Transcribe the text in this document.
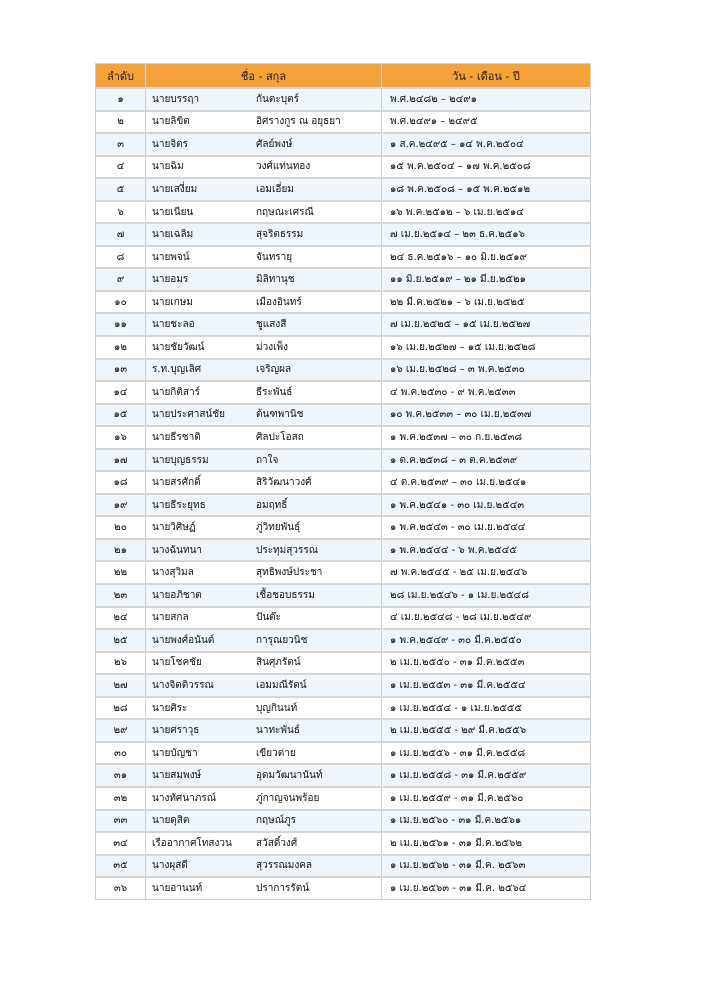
ลำดับ	ชื่อ - สกุล	วัน - เดือน - ปี
๑	นายบรรฤา กันตะบุตร์	พ.ศ.๒๔๘๒ – ๒๔๙๑
๒	นายลิขิต อิศรางกูร ณ อยุธยา	พ.ศ.๒๔๙๑ – ๒๔๙๕
๓	นายจิตร ศัลย์พงษ์	๑ ส.ค.๒๔๙๕ – ๑๔ พ.ค.๒๕๐๔
๔	นายฉิม วงศ์แท่นทอง	๑๕ พ.ค.๒๕๐๔ – ๑๗ พ.ค.๒๕๐๘
๕	นายเสงี่ยม เอมเอี่ยม	๑๘ พ.ค.๒๕๐๘ – ๑๕ พ.ค.๒๕๑๒
๖	นายเนียน กฤษณะเศรณี	๑๖ พ.ค.๒๕๑๒ – ๖ เม.ย.๒๕๑๔
๗	นายเฉลิม สุจริตธรรม	๗ เม.ย.๒๕๑๔ – ๒๓ ธ.ค.๒๕๑๖
๘	นายพจน์ จันทรายุ	๒๔ ธ.ค.๒๕๑๖ – ๑๐ มิ.ย.๒๕๑๙
๙	นายอมร มิลิทานุช	๑๑ มิ.ย.๒๕๑๙ – ๒๑ มี.ย.๒๕๒๑
๑๐	นายเกษม เมืองอินทร์	๒๒ มี.ค.๒๕๒๑ – ๖ เม.ย.๒๕๒๕
๑๑	นายชะลอ ชูแสงสี	๗ เม.ย.๒๕๒๕ – ๑๕ เม.ย.๒๕๒๗
๑๒	นายชัยวัฒน์ ม่วงเพ็ง	๑๖ เม.ย.๒๕๒๗ – ๑๕ เม.ย.๒๕๒๘
๑๓	ร.ท.บุญเลิศ เจริญผล	๑๖ เม.ย.๒๕๒๘ – ๓ พ.ค.๒๕๓๐
๑๔	นายกิติสาร์ ธีระพันธ์	๔ พ.ค.๒๕๓๐ - ๙ พ.ค.๒๕๓๓
๑๕	นายประศาสน์ชัย ต้นฑพานิช	๑๐ พ.ค.๒๕๓๓ – ๓๐ เม.ย.๒๕๓๗
๑๖	นายธีรชาติ ศิลปะโอสถ	๑ พ.ค.๒๕๓๗ – ๓๐ ก.ย.๒๕๓๘
๑๗	นายบุญธรรม ถาใจ	๑ ต.ค.๒๕๓๘ – ๓ ต.ค.๒๕๓๙
๑๘	นายสรศักดิ์ สิริวัฒนาวงศ์	๔ ต.ค.๒๕๓๙ – ๓๐ เม.ย.๒๕๔๑
๑๙	นายธีระยุทธ อมฤทธิ์	๑ พ.ค.๒๕๔๑ - ๓๐ เม.ย.๒๕๔๓
๒๐	นายวิศิษฏ์ ภู่วิทยพันธุ์	๑ พ.ค.๒๕๔๓ - ๓๐ เม.ย.๒๕๔๔
๒๑	นางฉันทนา ประทุมสุวรรณ	๑ พ.ค.๒๕๔๔ - ๖ พ.ค.๒๕๔๕
๒๒	นางสุวิมล สุทธิพงษ์ประชา	๗ พ.ค.๒๕๔๕ - ๒๕ เม.ย.๒๕๔๖
๒๓	นายอภิชาต เชื้อชอบธรรม	๒๘ เม.ย.๒๕๔๖ - ๑ เม.ย.๒๕๔๘
๒๔	นายสกล ปันต๊ะ	๔ เม.ย.๒๕๔๘ - ๒๘ เม.ย.๒๕๔๙
๒๕	นายพงศ์อนันต์ การุณยวนิช	๑ พ.ค.๒๕๔๙ - ๓๐ มี.ค.๒๕๕๐
๒๖	นายโชคชัย สินศุภรัตน์	๒ เม.ย.๒๕๕๐ - ๓๑ มี.ค.๒๕๕๓
๒๗	นางจิตติวรรณ เอมมณีรัตน์	๑ เม.ย.๒๕๕๓ - ๓๑ มี.ค.๒๕๕๔
๒๘	นายศิระ บุญกินนท์	๑ เม.ย.๒๕๕๔ - ๑ เม.ย.๒๕๕๕
๒๙	นายศราวุธ นาทะพันธ์	๒ เม.ย.๒๕๕๕ - ๒๙ มี.ค.๒๕๕๖
๓๐	นายบัญชา เขียวต่าย	๑ เม.ย.๒๕๕๖ - ๓๑ มี.ค.๒๕๕๘
๓๑	นายสมพงษ์ อุดมวัฒนานันท์	๑ เม.ย.๒๕๕๘ - ๓๑ มี.ค.๒๕๕๙
๓๒	นางทัศนาภรณ์ ภู่กาญจนพร้อย	๑ เม.ย.๒๕๕๙ - ๓๑ มี.ค.๒๕๖๐
๓๓	นายดุสิต กฤษณ์ภูร	๑ เม.ย.๒๕๖๐ - ๓๑ มี.ค.๒๕๖๑
๓๔	เรืออากาศโทสงวน สวัสดิ์วงศ์	๒ เม.ย.๒๕๖๑ - ๓๑ มี.ค.๒๕๖๒
๓๕	นางผุสดี สุวรรณมงคล	๑ เม.ย.๒๕๖๒ - ๓๑ มี.ค. ๒๕๖๓
๓๖	นายอานนท์ ปราการรัตน์	๑ เม.ย.๒๕๖๓ - ๓๑ มี.ค. ๒๕๖๔
